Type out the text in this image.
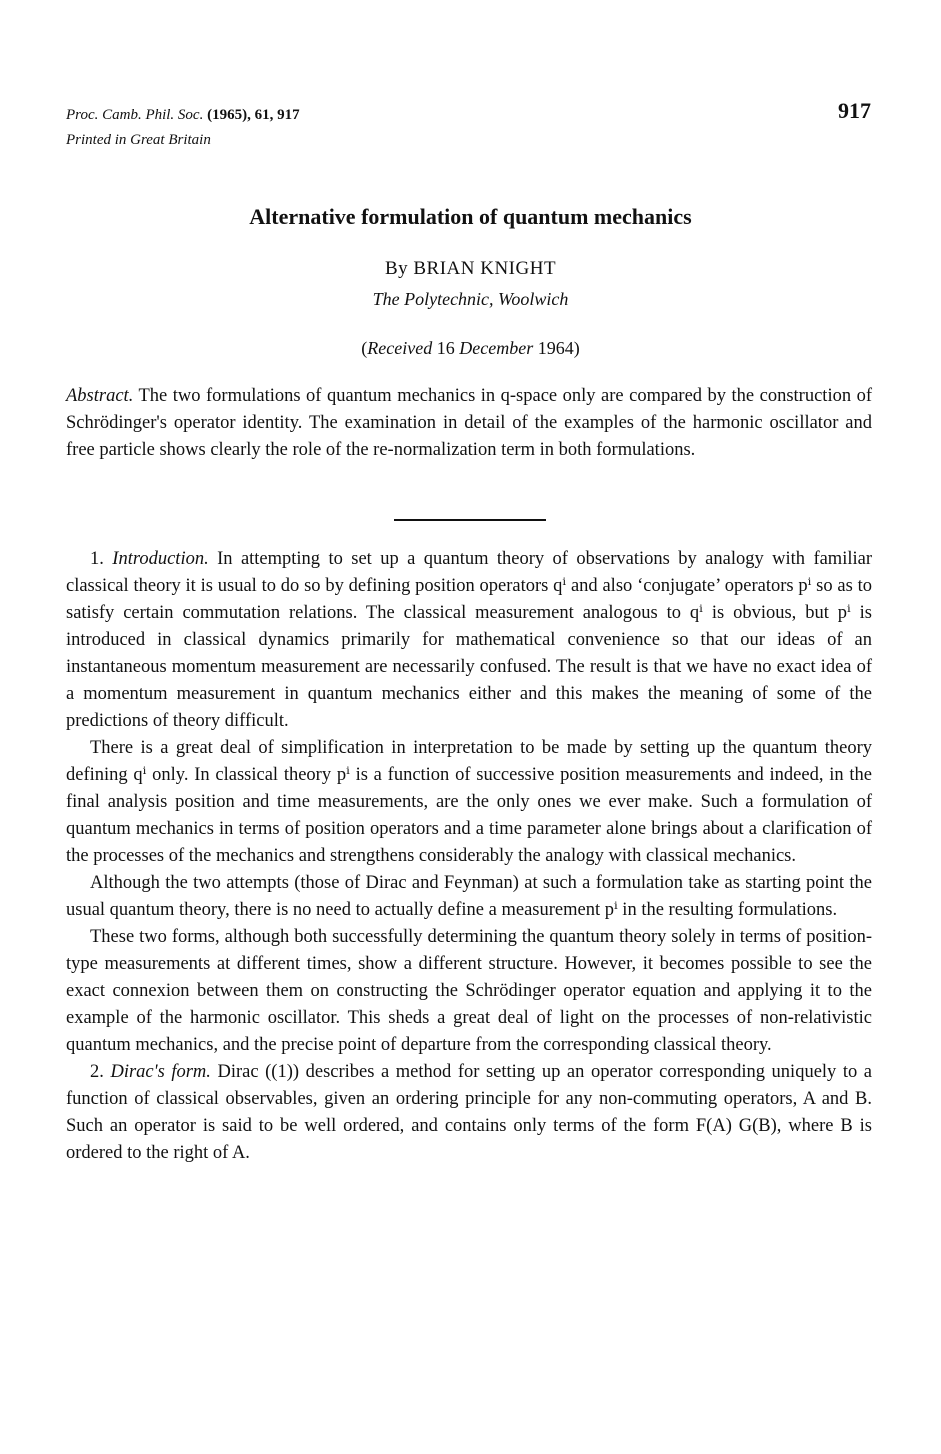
Proc. Camb. Phil. Soc. (1965), 61, 917
Printed in Great Britain
917
Alternative formulation of quantum mechanics
By BRIAN KNIGHT
The Polytechnic, Woolwich
(Received 16 December 1964)
Abstract. The two formulations of quantum mechanics in q-space only are compared by the construction of Schrödinger's operator identity. The examination in detail of the examples of the harmonic oscillator and free particle shows clearly the role of the re-normalization term in both formulations.

1. Introduction. In attempting to set up a quantum theory of observations by analogy with familiar classical theory it is usual to do so by defining position operators qⁱ and also ‘conjugate’ operators pⁱ so as to satisfy certain commutation relations. The classical measurement analogous to qⁱ is obvious, but pⁱ is introduced in classical dynamics primarily for mathematical convenience so that our ideas of an instantaneous momentum measurement are necessarily confused. The result is that we have no exact idea of a momentum measurement in quantum mechanics either and this makes the meaning of some of the predictions of theory difficult.

There is a great deal of simplification in interpretation to be made by setting up the quantum theory defining qⁱ only. In classical theory pⁱ is a function of successive position measurements and indeed, in the final analysis position and time measurements, are the only ones we ever make. Such a formulation of quantum mechanics in terms of position operators and a time parameter alone brings about a clarification of the processes of the mechanics and strengthens considerably the analogy with classical mechanics.

Although the two attempts (those of Dirac and Feynman) at such a formulation take as starting point the usual quantum theory, there is no need to actually define a measurement pⁱ in the resulting formulations.

These two forms, although both successfully determining the quantum theory solely in terms of position-type measurements at different times, show a different structure. However, it becomes possible to see the exact connexion between them on constructing the Schrödinger operator equation and applying it to the example of the harmonic oscillator. This sheds a great deal of light on the processes of non-relativistic quantum mechanics, and the precise point of departure from the corresponding classical theory.

2. Dirac's form. Dirac ((1)) describes a method for setting up an operator corresponding uniquely to a function of classical observables, given an ordering principle for any non-commuting operators, A and B. Such an operator is said to be well ordered, and contains only terms of the form F(A) G(B), where B is ordered to the right of A.
